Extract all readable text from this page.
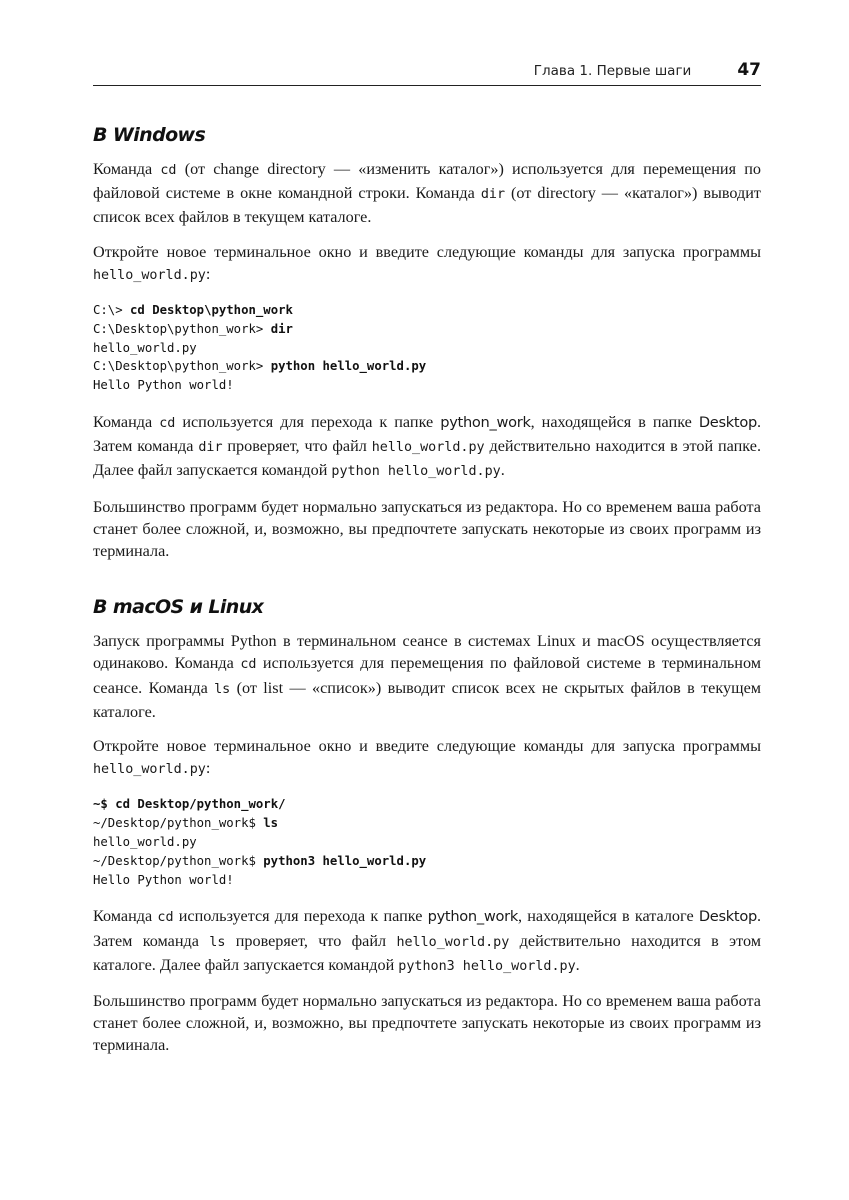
Глава 1. Первые шаги	47
В Windows

Команда cd (от change directory — «изменить каталог») используется для перемещения по файловой системе в окне командной строки. Команда dir (от directory — «каталог») выводит список всех файлов в текущем каталоге.

Откройте новое терминальное окно и введите следующие команды для запуска программы hello_world.py:

C:\> cd Desktop\python_work
C:\Desktop\python_work> dir
hello_world.py
C:\Desktop\python_work> python hello_world.py
Hello Python world!

Команда cd используется для перехода к папке python_work, находящейся в папке Desktop. Затем команда dir проверяет, что файл hello_world.py действительно находится в этой папке. Далее файл запускается командой python hello_world.py.

Большинство программ будет нормально запускаться из редактора. Но со временем ваша работа станет более сложной, и, возможно, вы предпочтете запускать некоторые из своих программ из терминала.

В macOS и Linux

Запуск программы Python в терминальном сеансе в системах Linux и macOS осуществляется одинаково. Команда cd используется для перемещения по файловой системе в терминальном сеансе. Команда ls (от list — «список») выводит список всех не скрытых файлов в текущем каталоге.

Откройте новое терминальное окно и введите следующие команды для запуска программы hello_world.py:

~$ cd Desktop/python_work/
~/Desktop/python_work$ ls
hello_world.py
~/Desktop/python_work$ python3 hello_world.py
Hello Python world!

Команда cd используется для перехода к папке python_work, находящейся в каталоге Desktop. Затем команда ls проверяет, что файл hello_world.py действительно находится в этом каталоге. Далее файл запускается командой python3 hello_world.py.

Большинство программ будет нормально запускаться из редактора. Но со временем ваша работа станет более сложной, и, возможно, вы предпочтете запускать некоторые из своих программ из терминала.
